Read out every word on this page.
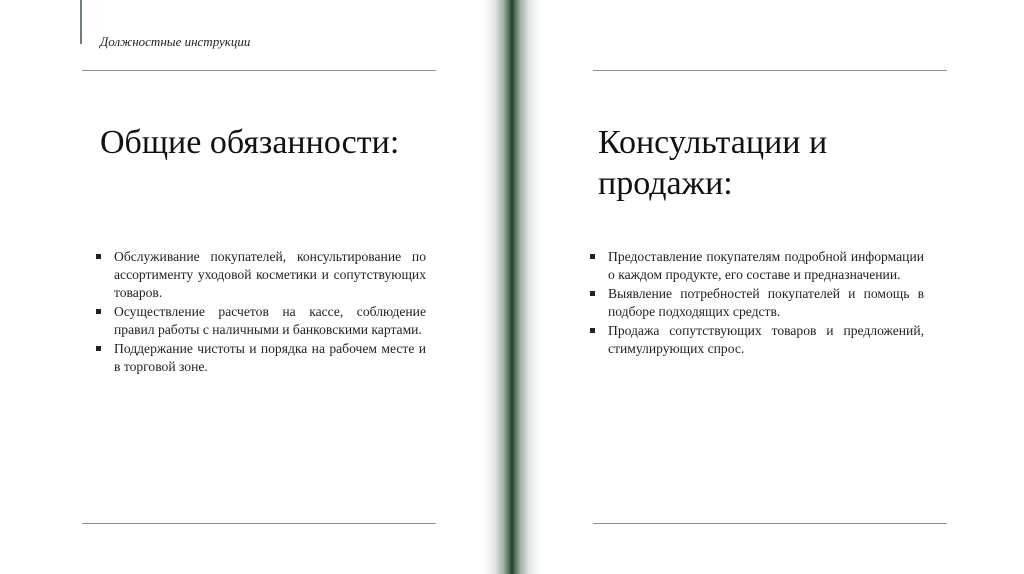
Должностные инструкции
Общие обязанности:
Обслуживание покупателей, консультирование по ассортименту уходовой косметики и сопутствующих товаров.
Осуществление расчетов на кассе, соблюдение правил работы с наличными и банковскими картами.
Поддержание чистоты и порядка на рабочем месте и в торговой зоне.
Консультации и продажи:
Предоставление покупателям подробной информации о каждом продукте, его составе и предназначении.
Выявление потребностей покупателей и помощь в подборе подходящих средств.
Продажа сопутствующих товаров и предложений, стимулирующих спрос.
